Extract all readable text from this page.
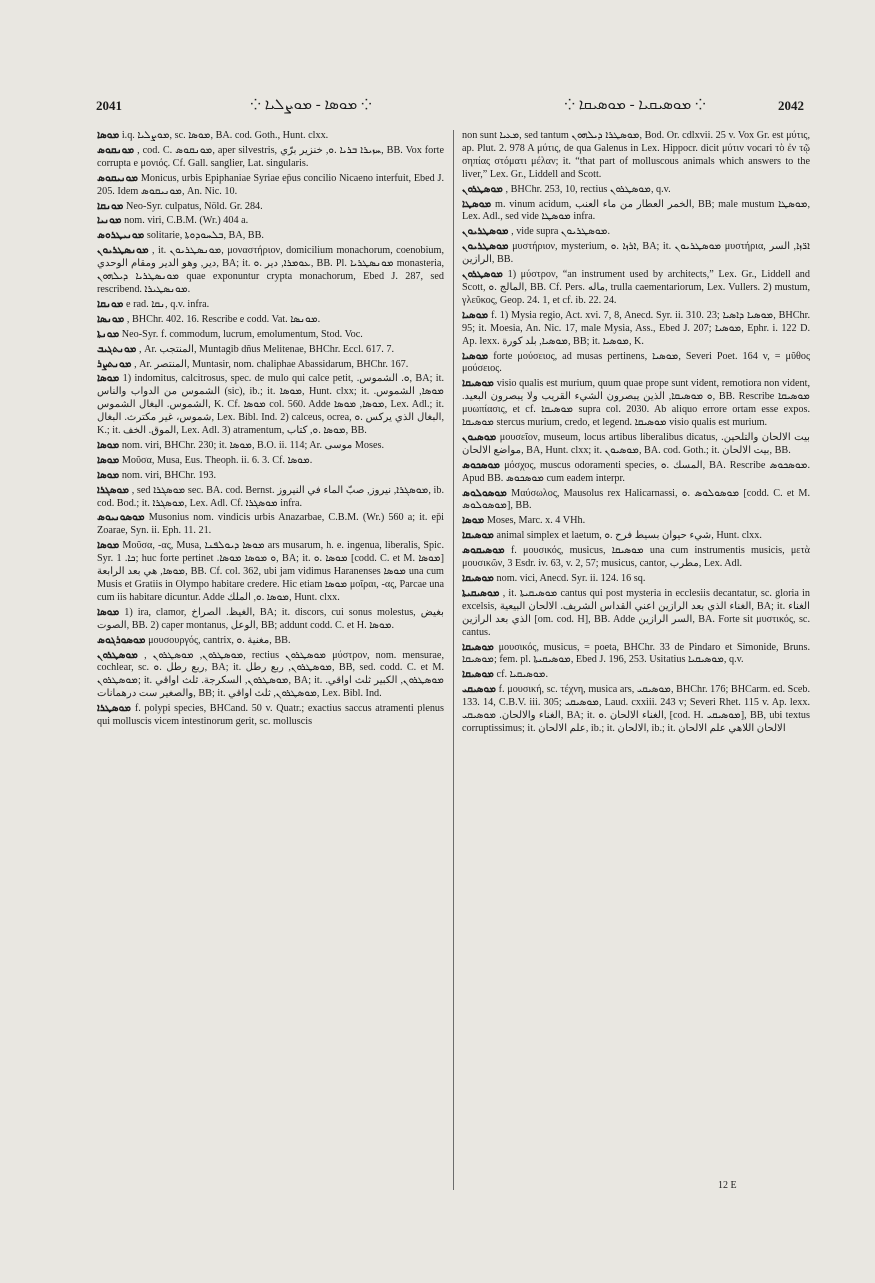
2041	⁘ ܡܘܣܐ - ܡܘܨܠܝܐ ⁘	⁘ ܡܘܣܝܩܝܐ - ܡܘܣܝܩܐ ⁘	2042

ܡܘܣܐ i.q. ܡܘܨܠܝܐ, sc. ܡܘܣܐ, BA. cod. Goth., Hunt. clxx.

ܡܘܢܩܘܣ , cod. C. ܡܘܢܩܘܣ, aper silvestris, ܚܙܝܪܐ ܒܪܝܐ .ܘ, خنزير برّي, BB. Vox forte corrupta e μονιός. Cf. Gall. sanglier, Lat. singularis.

ܡܘܢܝܩܘܣ Monicus, urbis Epiphaniae Syriae ep̄us concilio Nicaeno interfuit, Ebed J. 205. Idem ܡܘܢܝܩܘܣ, An. Nic. 10.

ܡܘܢܩܐ Neo-Syr. culpatus, Nöld. Gr. 284.

ܡܘܢܝܐ nom. viri, C.B.M. (Wr.) 404 a.

ܡܘܢܝܛܪܘܣ solitarie, ܒܠܚܘܕܘܬܐ, BA, BB.

ܡܘܢܣܛܪܝܘܢ , it. ܡܘܢܣܛܪܝܘܢ, μοναστήριον, domicilium monachorum, coenobium, دير, وهو الدير ومقام الوحدي, BA; it. ܥܘܡܪܐ, دير .ܘ, BB. Pl. ܡܘܢܣܛܪܝܐ monasteria, ܡܘܢܣܛܪܝܐ ܕܝܠܗܘܢ quae exponuntur crypta monachorum, Ebed J. 287, sed rescribend. ܡܘܢܣܛܝܪܐ.

ܡܘܢܩܐ e rad. ܢܩܐ, q.v. infra.

ܡܘܢܣܐ , BHChr. 402. 16. Rescribe e codd. Vat. ܡܘܢܣܐ.

ܡܘܢܬܐ Neo-Syr. f. commodum, lucrum, emolumentum, Stod. Voc.

ܡܘܢܬܓܝܒ , Ar. المنتجب, Muntagib dñus Melitenae, BHChr. Eccl. 617. 7.

ܡܘܢܬܨܪ , Ar. المنتصر, Muntasir, nom. chaliphae Abassidarum, BHChr. 167.

ܡܘܣܐ 1) indomitus, calcitrosus, spec. de mulo qui calce petit, .ܘ. الشموس, BA; it. الشموس من الدواب والناس (sic), ib.; it. ܡܘܣܐ, Hunt. clxx; it. ܡܘܣܐ, الشموس. الشموس. البغال الشموس, K. Cf. ܡܘܣܐ col. 560. Adde ܡܘܣܐ, ܡܘܣܐ, Lex. Adl.; it. شموس، غير مكترث. البغال, Lex. Bibl. Ind. 2) calceus, ocrea, البغال الذي يركس .ܘ, K.; it. الموق. الخف, Lex. Adl. 3) atramentum, ܡܘܣܐ .ܘ, كتاب, BB.

ܡܘܣܐ nom. viri, BHChr. 230; it. ܡܘܣܐ, B.O. ii. 114; Ar. موسى Moses.

ܡܘܣܐ Μοῦσα, Musa, Eus. Theoph. ii. 6. 3. Cf. ܡܘܣܐ.

ܡܘܣܐ nom. viri, BHChr. 193.

ܡܘܣܓܪܐ , sed ܡܘܣܓܪܐ sec. BA. cod. Bernst. ܡܘܣܓܪܐ, نيروز, صبّ الماء في النيروز, ib. cod. Bod.; it. ܡܘܣܓܪܐ, Lex. Adl. Cf. ܡܘܣܓܪܐ infra.

ܡܘܣܘܢܝܘܣ Musonius nom. vindicis urbis Anazarbae, C.B.M. (Wr.) 560 a; it. ep̄i Zoarae, Syn. ii. Eph. 11. 21.

ܡܘܣܐ Μοῦσα, -ας, Musa, ܡܘܣܐ ܕܝܘܠܦܢܐ ars musarum, h. e. ingenua, liberalis, Spic. Syr. ܟܐ. 1; huc forte pertinet .ܘ ܡܘܣܐ ܡܘܣܐ, BA; it. ܡܘܣܐ .ܘ [codd. C. et M. ܡܘܣܐ] ܡܘܣܐ, هي بعد الرابعة, BB. Cf. col. 362, ubi jam vidimus Haranenses ܡܘܣܐ una cum Musis et Gratiis in Olympo habitare credere. Hic etiam ܡܘܣܐ μοῖραι, -ας, Parcae una cum iis habitare dicuntur. Adde ܡܘܣܐ .ܘ, الملك, Hunt. clxx.

ܡܘܣܐ 1) ira, clamor, الغيظ. الصراخ, BA; it. discors, cui sonus molestus, بغيض الصوت, BB. 2) caper montanus, الوعل, BB; addunt codd. C. et H. ܡܘܣܐ.

ܡܘܣܘܪܓܘܣ μουσουργός, cantrix, مغنية .ܘ, BB.

ܡܘܣܛܪܘܢ , ܡܘܣܛܪܘܢ, ܡܘܣܛܪܘܢ, rectius ܡܘܣܛܪܘܢ μύστρον, nom. mensurae, cochlear, sc. ربع رطل .ܘ, BA; it. ܡܘܣܛܪܘܢ, ربع رطل, BB, sed. codd. C. et M. ܡܘܣܛܪܘܢ; it. ܡܘܣܛܪܘܢ, السكرجة. ثلث اواقي, BA; it. ܡܘܣܛܪܘܢ, الكبير ثلث اواقي. والصغير ست درهمانات, BB; it. ܡܘܣܛܪܘܢ, ثلث اواقي, Lex. Bibl. Ind.

ܡܘܣܛܪܐ f. polypi species, BHCand. 50 v. Quatr.; exactius saccus atramenti plenus qui molluscis vicem intestinorum gerit, sc. molluscis

non sunt ܡܥܝܐ, sed tantum ܡܘܣܛܪܐ ܕܝܠܗܘܢ, Bod. Or. cdlxvii. 25 v. Vox Gr. est μύτις, ap. Plut. 2. 978 A μύτις, de qua Galenus in Lex. Hippocr. dicit μύτιν vocari τὸ ἐν τῷ σηπίας στόματι μέλαν; it. “that part of molluscous animals which answers to the liver,” Lex. Gr., Liddell and Scott.

ܡܘܣܛܪܘܢ , BHChr. 253, 10, rectius ܡܘܣܛܪܘܢ, q.v.

ܡܘܣܛܐ m. vinum acidum, الخمر العطار من ماء العنب, BB; male mustum ܡܘܣܛܐ, Lex. Adl., sed vide ܡܘܣܛܐ infra.

ܡܘܣܛܪܝܘܢ , vide supra ܡܘܣܛܪܝܘܢ.

ܡܘܣܛܪܝܘܢ μυστήριον, mysterium, ܐܪܙܐ .ܘ, BA; it. ܡܘܣܛܪܝܘܢ μυστήρια, ܐܪ̈ܙܐ, السر الرازين, BB.

ܡܘܣܛܪܘܢ 1) μύστρον, “an instrument used by architects,” Lex. Gr., Liddell and Scott, المالج .ܘ, BB. Cf. Pers. ماله, trulla caementariorum, Lex. Vullers. 2) mustum, γλεῦκος, Geop. 24. 1, et cf. ib. 22. 24.

ܡܘܣܝܐ f. 1) Mysia regio, Act. xvi. 7, 8, Anecd. Syr. ii. 310. 23; ܡܘܣܝܐ ܕܐܣܝܐ, BHChr. 95; it. Moesia, An. Nic. 17, male Mysia, Ass., Ebed J. 207; ܡܘܣܝܐ, Ephr. i. 122 D. Ap. lexx. ܡܘܣܝܐ, بلد كورة, BB; it. ܡܘܣܝܐ, K.

ܡܘܣܝܐ forte μούσειος, ad musas pertinens, ܡܘܣܝܐ, Severi Poet. 164 v, = μῦθος μούσειος.

ܡܘܣܝܩܐ visio qualis est murium, quum quae prope sunt vident, remotiora non vident, .ܘ ܡܘܣܝܩܐ, الذين يبصرون الشيء القريب ولا يبصرون البعيد, BB. Rescribe ܡܘܣܝܩܐ μυωπίασις, et cf. ܡܘܣܝܩܐ supra col. 2030. Ab aliquo errore ortam esse expos. ܡܘܣܝܩܐ stercus murium, credo, et legend. ܡܘܣܝܩܐ visio qualis est murium.

ܡܘܣܝܘܢ μουσεῖον, museum, locus artibus liberalibus dicatus, بيت الالحان والتلحين. مواضع الالحان, BA, Hunt. clxx; it. ܡܘܣܝܘܢ, BA. cod. Goth.; it. بيت الالحان, BB.

ܡܘܣܟܘܣ μόσχος, muscus odoramenti species, المسك .ܘ, BA. Rescribe ܡܘܣܟܘܣ. Apud BB. ܡܘܣܟܘܣ cum eadem interpr.

ܡܘܣܘܠܘܣ Μαύσωλος, Mausolus rex Halicarnassi, ܡܘܣܘܠܘܣ .ܘ [codd. C. et M. ܡܘܣܘܠܘܣ], BB.

ܡܘܣܐ Moses, Marc. x. 4 VHh.

ܡܘܣܝܩܐ animal simplex et laetum, شيء حيوان بسيط فرح .ܘ, Hunt. clxx.

ܡܘܣܝܩܘܣ f. μουσικός, musicus, ܡܘܣܝܩܐ una cum instrumentis musicis, μετὰ μουσικῶν, 3 Esdr. iv. 63, v. 2, 57; musicus, cantor, مطرب, Lex. Adl.

ܡܘܣܝܩܐ nom. vici, Anecd. Syr. ii. 124. 16 sq.

ܡܘܣܝܩܝܬܐ , it. ܡܘܣܝܩܝܬܐ cantus qui post mysteria in ecclesiis decantatur, sc. gloria in excelsis, الغناء الذي بعد الرازين اعني القداس الشريف. الالحان البيعية, BA; it. الغناء الذي بعد الرازين [om. cod. H], BB. Adde السر الرازين, BA. Forte sit μυστικός, sc. cantus.

ܡܘܣܝܩܐ μουσικός, musicus, = poeta, BHChr. 33 de Pindaro et Simonide, Bruns. ܡܘܣܝܩܐ; fem. pl. ܡܘܣܝܩܝܬܐ, Ebed J. 196, 253. Usitatius ܡܘܣܝܩܝܐ, q.v.

ܡܘܣܝܩܐ cf. ܡܘܣܝܩܝܐ.

ܡܘܣܝܩܝ f. μουσική, sc. τέχνη, musica ars, ܡܘܣܝܩܝ, BHChr. 176; BHCarm. ed. Sceb. 133. 14, C.B.V. iii. 305; ܡܘܣܝܩܝ, Laud. cxxiii. 243 v; Severi Rhet. 115 v. Ap. lexx. الغناء والالحان. ܡܘܣܝܩܝ, BA; it. الغناء الالحان .ܘ, [cod. H. ܡܘܣܝܩܝ], BB, ubi textus corruptissimus; it. علم الالحان, ib.; it. الالحان, ib.; it. الالحان اللاهي علم الالحان

12 E
